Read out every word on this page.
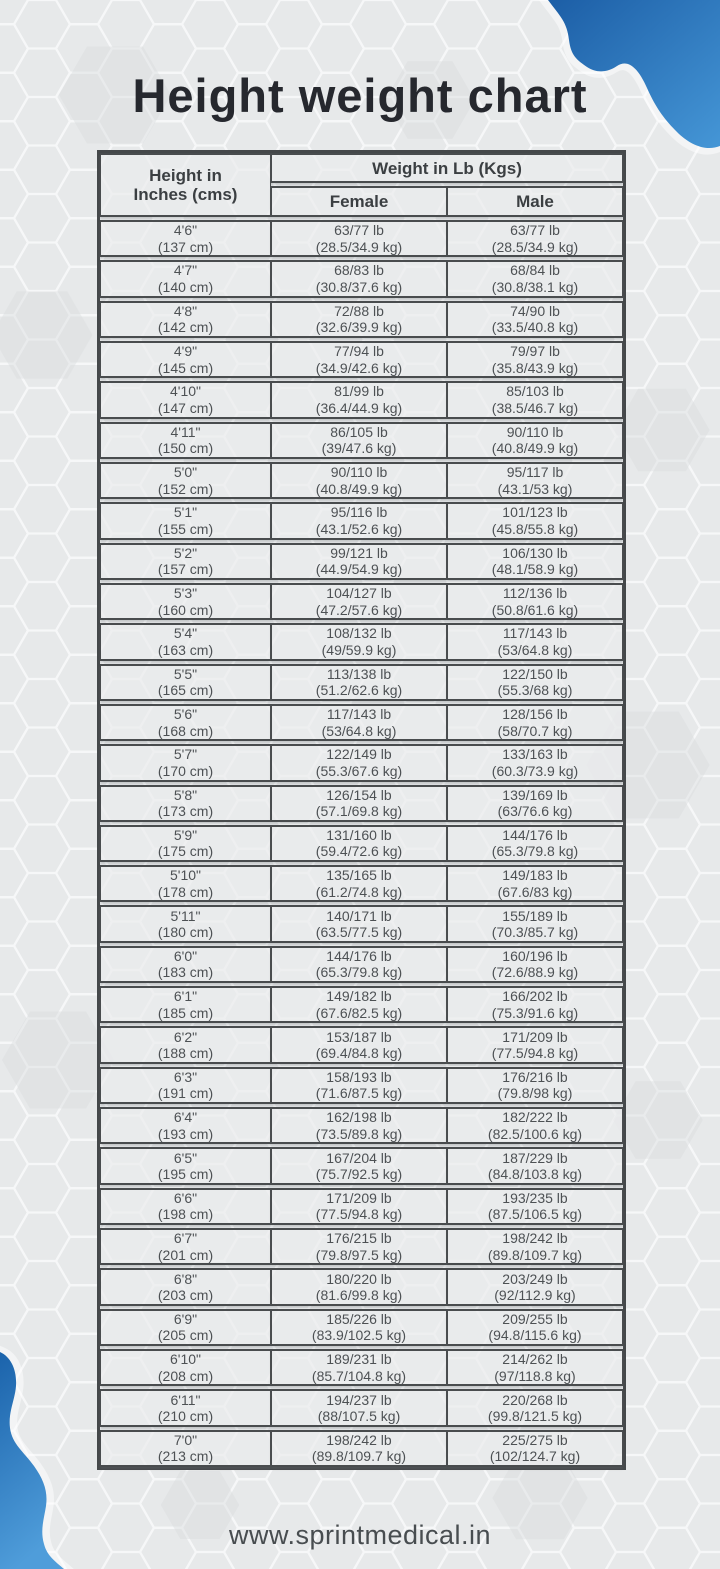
Height weight chart
Height in
Inches (cms)
Weight in Lb (Kgs)
Female	Male
4'6"
(137 cm)
63/77 lb
(28.5/34.9 kg)
63/77 lb
(28.5/34.9 kg)
4'7"
(140 cm)
68/83 lb
(30.8/37.6 kg)
68/84 lb
(30.8/38.1 kg)
4'8"
(142 cm)
72/88 lb
(32.6/39.9 kg)
74/90 lb
(33.5/40.8 kg)
4'9"
(145 cm)
77/94 lb
(34.9/42.6 kg)
79/97 lb
(35.8/43.9 kg)
4'10"
(147 cm)
81/99 lb
(36.4/44.9 kg)
85/103 lb
(38.5/46.7 kg)
4'11"
(150 cm)
86/105 lb
(39/47.6 kg)
90/110 lb
(40.8/49.9 kg)
5'0"
(152 cm)
90/110 lb
(40.8/49.9 kg)
95/117 lb
(43.1/53 kg)
5'1"
(155 cm)
95/116 lb
(43.1/52.6 kg)
101/123 lb
(45.8/55.8 kg)
5'2"
(157 cm)
99/121 lb
(44.9/54.9 kg)
106/130 lb
(48.1/58.9 kg)
5'3"
(160 cm)
104/127 lb
(47.2/57.6 kg)
112/136 lb
(50.8/61.6 kg)
5'4"
(163 cm)
108/132 lb
(49/59.9 kg)
117/143 lb
(53/64.8 kg)
5'5"
(165 cm)
113/138 lb
(51.2/62.6 kg)
122/150 lb
(55.3/68 kg)
5'6"
(168 cm)
117/143 lb
(53/64.8 kg)
128/156 lb
(58/70.7 kg)
5'7"
(170 cm)
122/149 lb
(55.3/67.6 kg)
133/163 lb
(60.3/73.9 kg)
5'8"
(173 cm)
126/154 lb
(57.1/69.8 kg)
139/169 lb
(63/76.6 kg)
5'9"
(175 cm)
131/160 lb
(59.4/72.6 kg)
144/176 lb
(65.3/79.8 kg)
5'10"
(178 cm)
135/165 lb
(61.2/74.8 kg)
149/183 lb
(67.6/83 kg)
5'11"
(180 cm)
140/171 lb
(63.5/77.5 kg)
155/189 lb
(70.3/85.7 kg)
6'0"
(183 cm)
144/176 lb
(65.3/79.8 kg)
160/196 lb
(72.6/88.9 kg)
6'1"
(185 cm)
149/182 lb
(67.6/82.5 kg)
166/202 lb
(75.3/91.6 kg)
6'2"
(188 cm)
153/187 lb
(69.4/84.8 kg)
171/209 lb
(77.5/94.8 kg)
6'3"
(191 cm)
158/193 lb
(71.6/87.5 kg)
176/216 lb
(79.8/98 kg)
6'4"
(193 cm)
162/198 lb
(73.5/89.8 kg)
182/222 lb
(82.5/100.6 kg)
6'5"
(195 cm)
167/204 lb
(75.7/92.5 kg)
187/229 lb
(84.8/103.8 kg)
6'6"
(198 cm)
171/209 lb
(77.5/94.8 kg)
193/235 lb
(87.5/106.5 kg)
6'7"
(201 cm)
176/215 lb
(79.8/97.5 kg)
198/242 lb
(89.8/109.7 kg)
6'8"
(203 cm)
180/220 lb
(81.6/99.8 kg)
203/249 lb
(92/112.9 kg)
6'9"
(205 cm)
185/226 lb
(83.9/102.5 kg)
209/255 lb
(94.8/115.6 kg)
6'10"
(208 cm)
189/231 lb
(85.7/104.8 kg)
214/262 lb
(97/118.8 kg)
6'11"
(210 cm)
194/237 lb
(88/107.5 kg)
220/268 lb
(99.8/121.5 kg)
7'0"
(213 cm)
198/242 lb
(89.8/109.7 kg)
225/275 lb
(102/124.7 kg)
www.sprintmedical.in
